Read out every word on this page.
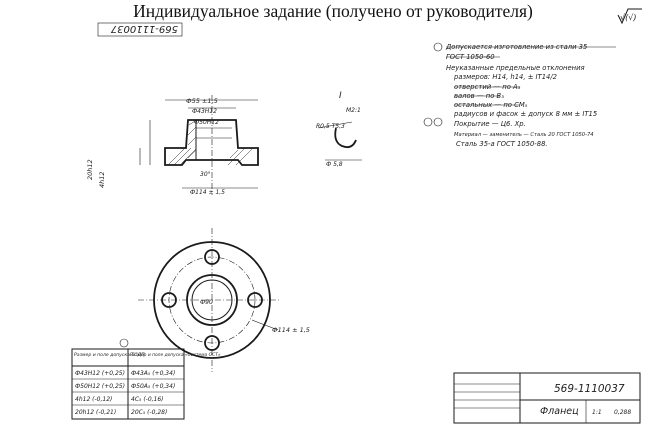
Индивидуальное задание (получено от руководителя)
569-1110037
√(√)
Ф55 ±1,5
Ф43Н12
Ф50Н12
30°
Ф114 ± 1,5
20h12 4h12
I
М2:1
R0,5 Т5,3
Ф 5,8
Ф114 ± 1,5
Ф90
Допускается изготовление из стали 35
ГОСТ 1050-60
Неуказанные предельные отклонения
размеров: H14, h14, ± IT14/2
отверстий — по A₃
валов — по B₃
остальных — по CM₅
радиусов и фасок ± допуск 8 мм ± IT15
Покрытие — Ц6. Хр.
Материал — заменитель — Сталь 20 ГОСТ 1050-74
Сталь 35-а ГОСТ 1050-88.
Размер и поле допуска ЕСДП
Размер и поле допуска «Система ОСТ»
Ф43Н12 (+0,25) Ф43А₅ (+0,34)
Ф50Н12 (+0,25) Ф50А₅ (+0,34)
4h12 (-0,12)	4С₅ (-0,16)
20h12 (-0,21) 20С₅ (-0,28)
569-1110037
Фланец 1:1 0,288
